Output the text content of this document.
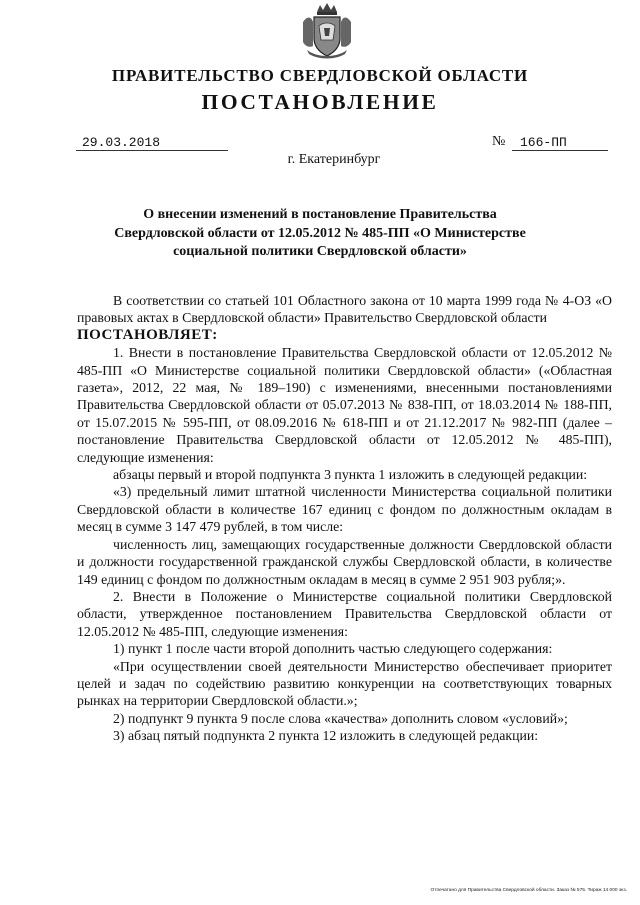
ПРАВИТЕЛЬСТВО СВЕРДЛОВСКОЙ ОБЛАСТИ
ПОСТАНОВЛЕНИЕ
29.03.2018	№	166-ПП
г. Екатеринбург
О внесении изменений в постановление Правительства
Свердловской области от 12.05.2012 № 485-ПП «О Министерстве
социальной политики Свердловской области»

В соответствии со статьей 101 Областного закона от 10 марта 1999 года № 4-ОЗ «О правовых актах в Свердловской области» Правительство Свердловской области

ПОСТАНОВЛЯЕТ:

1. Внести в постановление Правительства Свердловской области от 12.05.2012 № 485-ПП «О Министерстве социальной политики Свердловской области» («Областная газета», 2012, 22 мая, № 189–190) с изменениями, внесенными постановлениями Правительства Свердловской области от 05.07.2013 № 838-ПП, от 18.03.2014 № 188-ПП, от 15.07.2015 № 595-ПП, от 08.09.2016 № 618-ПП и от 21.12.2017 № 982-ПП (далее – постановление Правительства Свердловской области от 12.05.2012 № 485-ПП), следующие изменения:

абзацы первый и второй подпункта 3 пункта 1 изложить в следующей редакции:

«3) предельный лимит штатной численности Министерства социальной политики Свердловской области в количестве 167 единиц с фондом по должностным окладам в месяц в сумме 3 147 479 рублей, в том числе:

численность лиц, замещающих государственные должности Свердловской области и должности государственной гражданской службы Свердловской области, в количестве 149 единиц с фондом по должностным окладам в месяц в сумме 2 951 903 рубля;».

2. Внести в Положение о Министерстве социальной политики Свердловской области, утвержденное постановлением Правительства Свердловской области от 12.05.2012 № 485-ПП, следующие изменения:

1) пункт 1 после части второй дополнить частью следующего содержания:

«При осуществлении своей деятельности Министерство обеспечивает приоритет целей и задач по содействию развитию конкуренции на соответствующих товарных рынках на территории Свердловской области.»;

2) подпункт 9 пункта 9 после слова «качества» дополнить словом «условий»;

3) абзац пятый подпункта 2 пункта 12 изложить в следующей редакции:

Отпечатано для Правительства Свердловской области. Заказ № 575. Тираж 14 000 экз.
